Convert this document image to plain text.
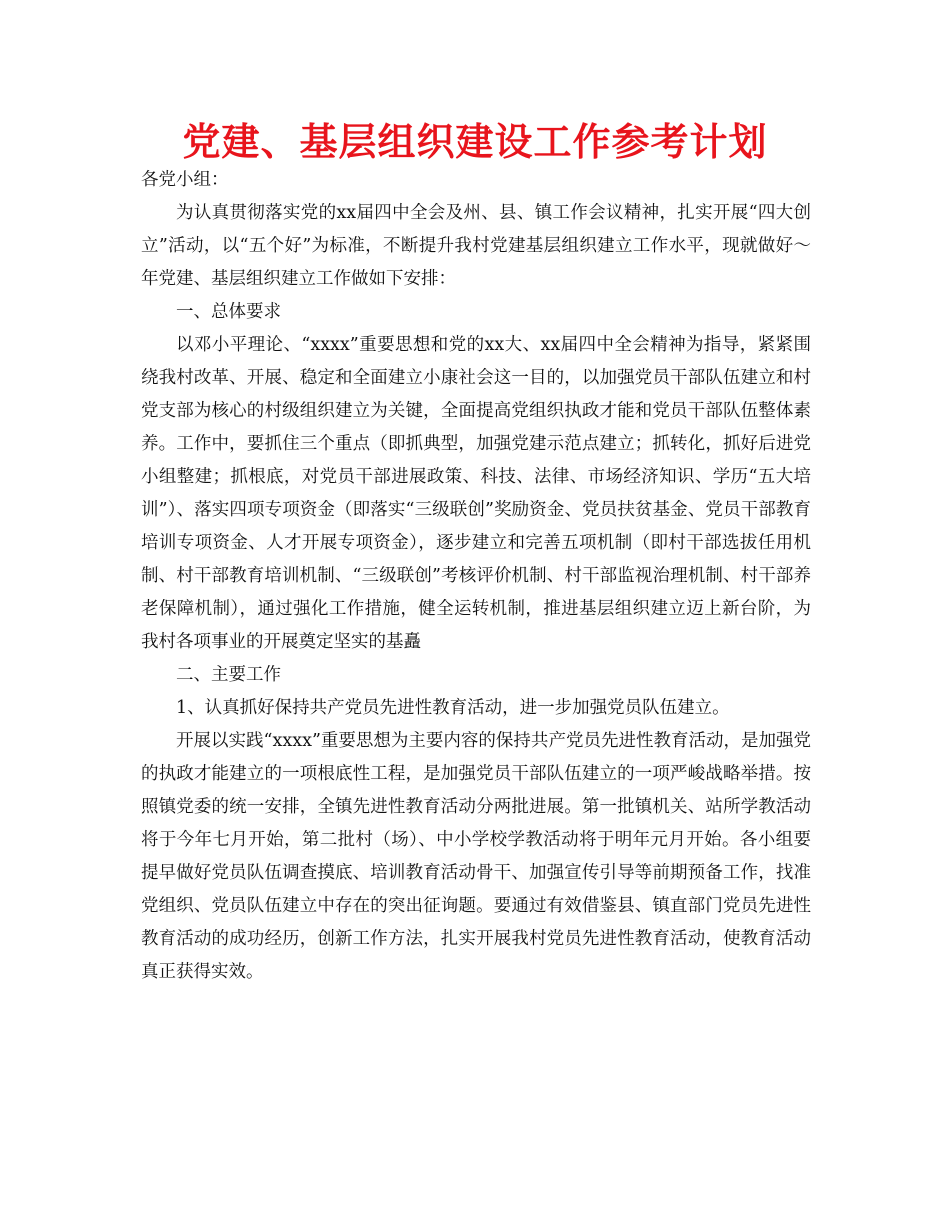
党建、基层组织建设工作参考计划

各党小组：

为认真贯彻落实党的xx届四中全会及州、县、镇工作会议精神，扎实开展“四大创立”活动，以“五个好”为标准，不断提升我村党建基层组织建立工作水平，现就做好～年党建、基层组织建立工作做如下安排：

一、总体要求

以邓小平理论、“xxxx”重要思想和党的xx大、xx届四中全会精神为指导，紧紧围绕我村改革、开展、稳定和全面建立小康社会这一目的，以加强党员干部队伍建立和村党支部为核心的村级组织建立为关键，全面提高党组织执政才能和党员干部队伍整体素养。工作中，要抓住三个重点（即抓典型，加强党建示范点建立；抓转化，抓好后进党小组整建；抓根底，对党员干部进展政策、科技、法律、市场经济知识、学历“五大培训”）、落实四项专项资金（即落实“三级联创”奖励资金、党员扶贫基金、党员干部教育培训专项资金、人才开展专项资金），逐步建立和完善五项机制（即村干部选拔任用机制、村干部教育培训机制、“三级联创”考核评价机制、村干部监视治理机制、村干部养老保障机制），通过强化工作措施，健全运转机制，推进基层组织建立迈上新台阶，为我村各项事业的开展奠定坚实的基矗

二、主要工作

1、认真抓好保持共产党员先进性教育活动，进一步加强党员队伍建立。

开展以实践“xxxx”重要思想为主要内容的保持共产党员先进性教育活动，是加强党的执政才能建立的一项根底性工程，是加强党员干部队伍建立的一项严峻战略举措。按照镇党委的统一安排，全镇先进性教育活动分两批进展。第一批镇机关、站所学教活动将于今年七月开始，第二批村（场）、中小学校学教活动将于明年元月开始。各小组要提早做好党员队伍调查摸底、培训教育活动骨干、加强宣传引导等前期预备工作，找准党组织、党员队伍建立中存在的突出征询题。要通过有效借鉴县、镇直部门党员先进性教育活动的成功经历，创新工作方法，扎实开展我村党员先进性教育活动，使教育活动真正获得实效。
